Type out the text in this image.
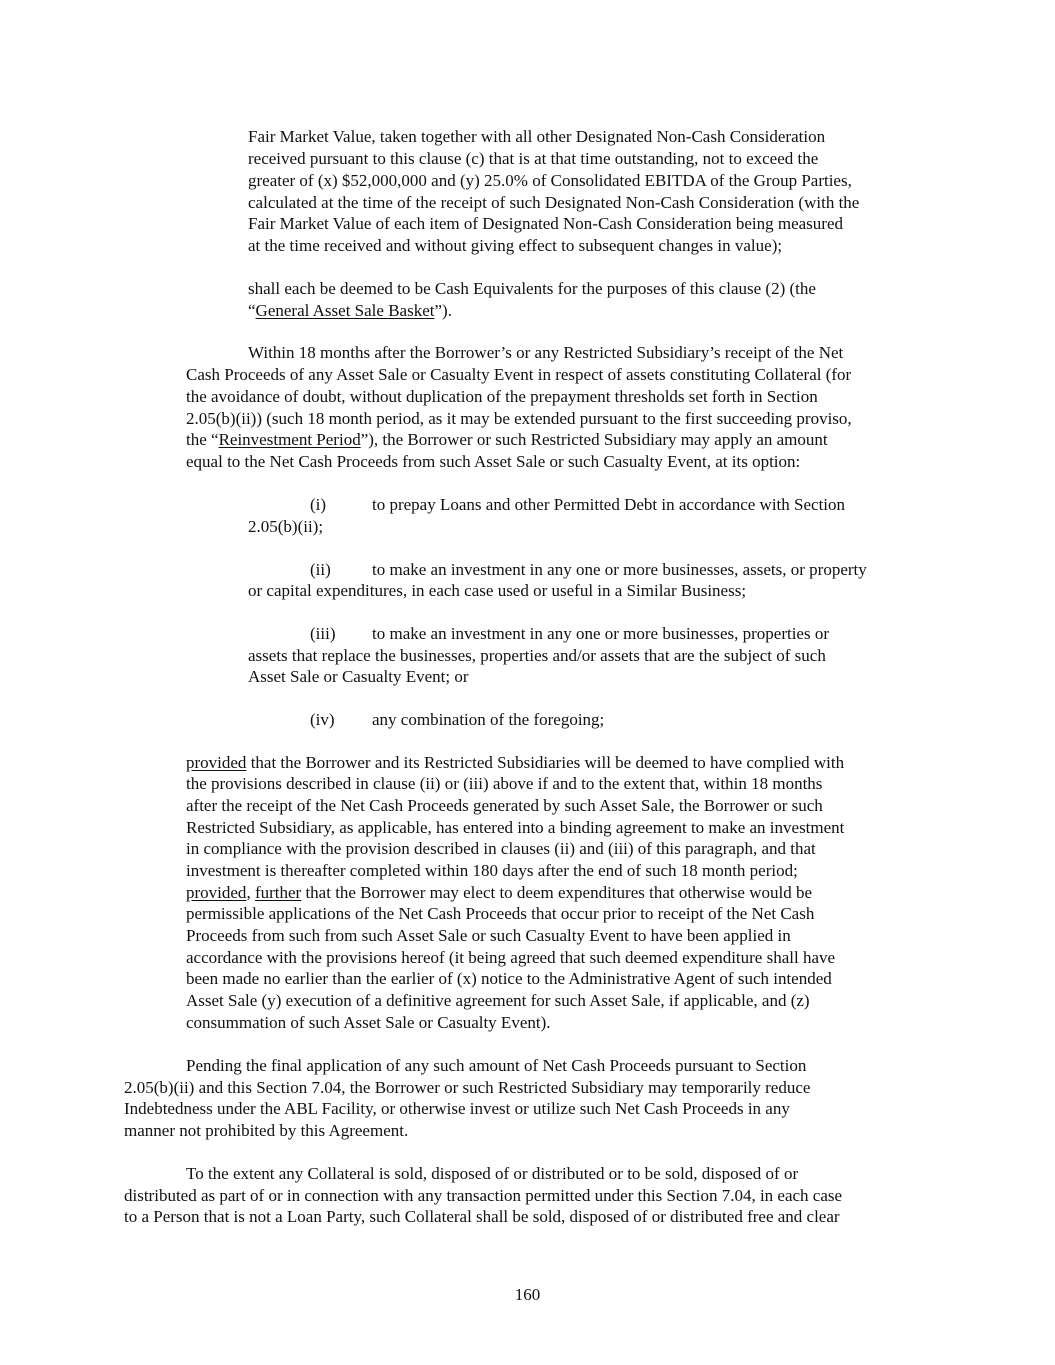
Fair Market Value, taken together with all other Designated Non-Cash Consideration
received pursuant to this clause (c) that is at that time outstanding, not to exceed the
greater of (x) $52,000,000 and (y) 25.0% of Consolidated EBITDA of the Group Parties,
calculated at the time of the receipt of such Designated Non-Cash Consideration (with the
Fair Market Value of each item of Designated Non-Cash Consideration being measured
at the time received and without giving effect to subsequent changes in value);
shall each be deemed to be Cash Equivalents for the purposes of this clause (2) (the
“General Asset Sale Basket”).
Within 18 months after the Borrower’s or any Restricted Subsidiary’s receipt of the Net
Cash Proceeds of any Asset Sale or Casualty Event in respect of assets constituting Collateral (for
the avoidance of doubt, without duplication of the prepayment thresholds set forth in Section
2.05(b)(ii)) (such 18 month period, as it may be extended pursuant to the first succeeding proviso,
the “Reinvestment Period”), the Borrower or such Restricted Subsidiary may apply an amount
equal to the Net Cash Proceeds from such Asset Sale or such Casualty Event, at its option:
(i)	to prepay Loans and other Permitted Debt in accordance with Section
2.05(b)(ii);
(ii) to make an investment in any one or more businesses, assets, or property
or capital expenditures, in each case used or useful in a Similar Business;
(iii) to make an investment in any one or more businesses, properties or
assets that replace the businesses, properties and/or assets that are the subject of such
Asset Sale or Casualty Event; or
(iv) any combination of the foregoing;
provided that the Borrower and its Restricted Subsidiaries will be deemed to have complied with
the provisions described in clause (ii) or (iii) above if and to the extent that, within 18 months
after the receipt of the Net Cash Proceeds generated by such Asset Sale, the Borrower or such
Restricted Subsidiary, as applicable, has entered into a binding agreement to make an investment
in compliance with the provision described in clauses (ii) and (iii) of this paragraph, and that
investment is thereafter completed within 180 days after the end of such 18 month period;
provided, further that the Borrower may elect to deem expenditures that otherwise would be
permissible applications of the Net Cash Proceeds that occur prior to receipt of the Net Cash
Proceeds from such from such Asset Sale or such Casualty Event to have been applied in
accordance with the provisions hereof (it being agreed that such deemed expenditure shall have
been made no earlier than the earlier of (x) notice to the Administrative Agent of such intended
Asset Sale (y) execution of a definitive agreement for such Asset Sale, if applicable, and (z)
consummation of such Asset Sale or Casualty Event).
Pending the final application of any such amount of Net Cash Proceeds pursuant to Section
2.05(b)(ii) and this Section 7.04, the Borrower or such Restricted Subsidiary may temporarily reduce
Indebtedness under the ABL Facility, or otherwise invest or utilize such Net Cash Proceeds in any
manner not prohibited by this Agreement.
To the extent any Collateral is sold, disposed of or distributed or to be sold, disposed of or
distributed as part of or in connection with any transaction permitted under this Section 7.04, in each case
to a Person that is not a Loan Party, such Collateral shall be sold, disposed of or distributed free and clear
160
